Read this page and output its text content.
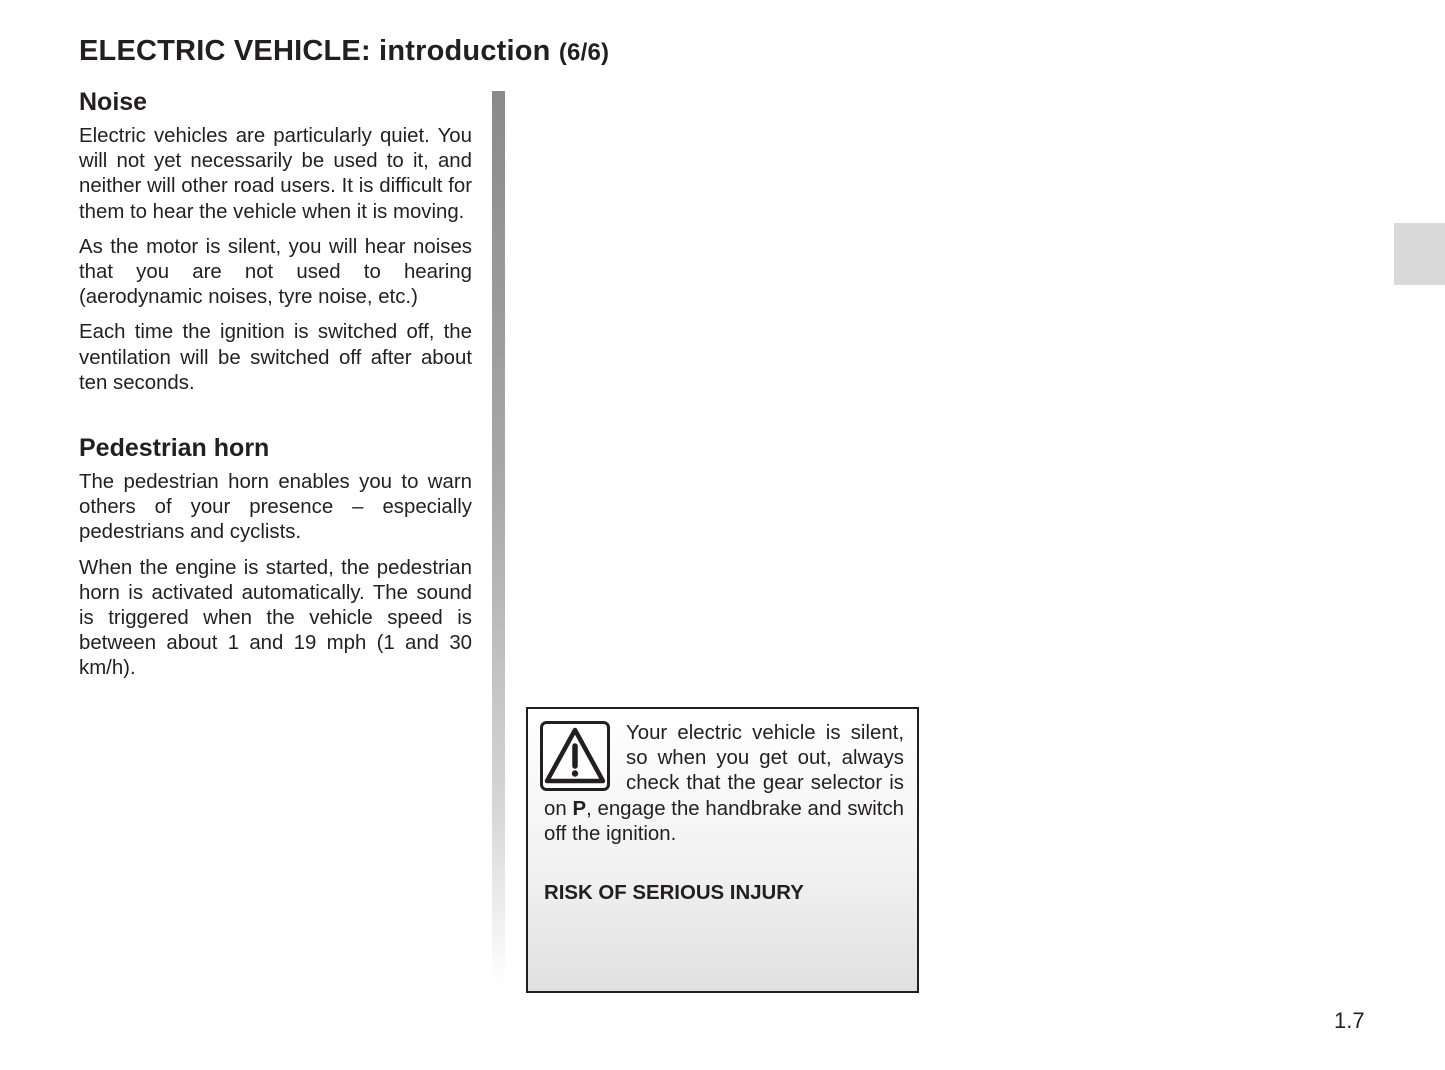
ELECTRIC VEHICLE: introduction (6/6)
Noise

Electric vehicles are particularly quiet. You will not yet necessarily be used to it, and neither will other road users. It is difficult for them to hear the vehicle when it is moving.

As the motor is silent, you will hear noises that you are not used to hearing (aerodynamic noises, tyre noise, etc.)

Each time the ignition is switched off, the ventilation will be switched off after about ten seconds.

Pedestrian horn

The pedestrian horn enables you to warn others of your presence – especially pedestrians and cyclists.

When the engine is started, the pedestrian horn is activated automatically. The sound is triggered when the vehicle speed is between about 1 and 19 mph (1 and 30 km/h).

Your electric vehicle is silent, so when you get out, always check that the gear selector is on P, engage the handbrake and switch off the ignition.

RISK OF SERIOUS INJURY

1.7
